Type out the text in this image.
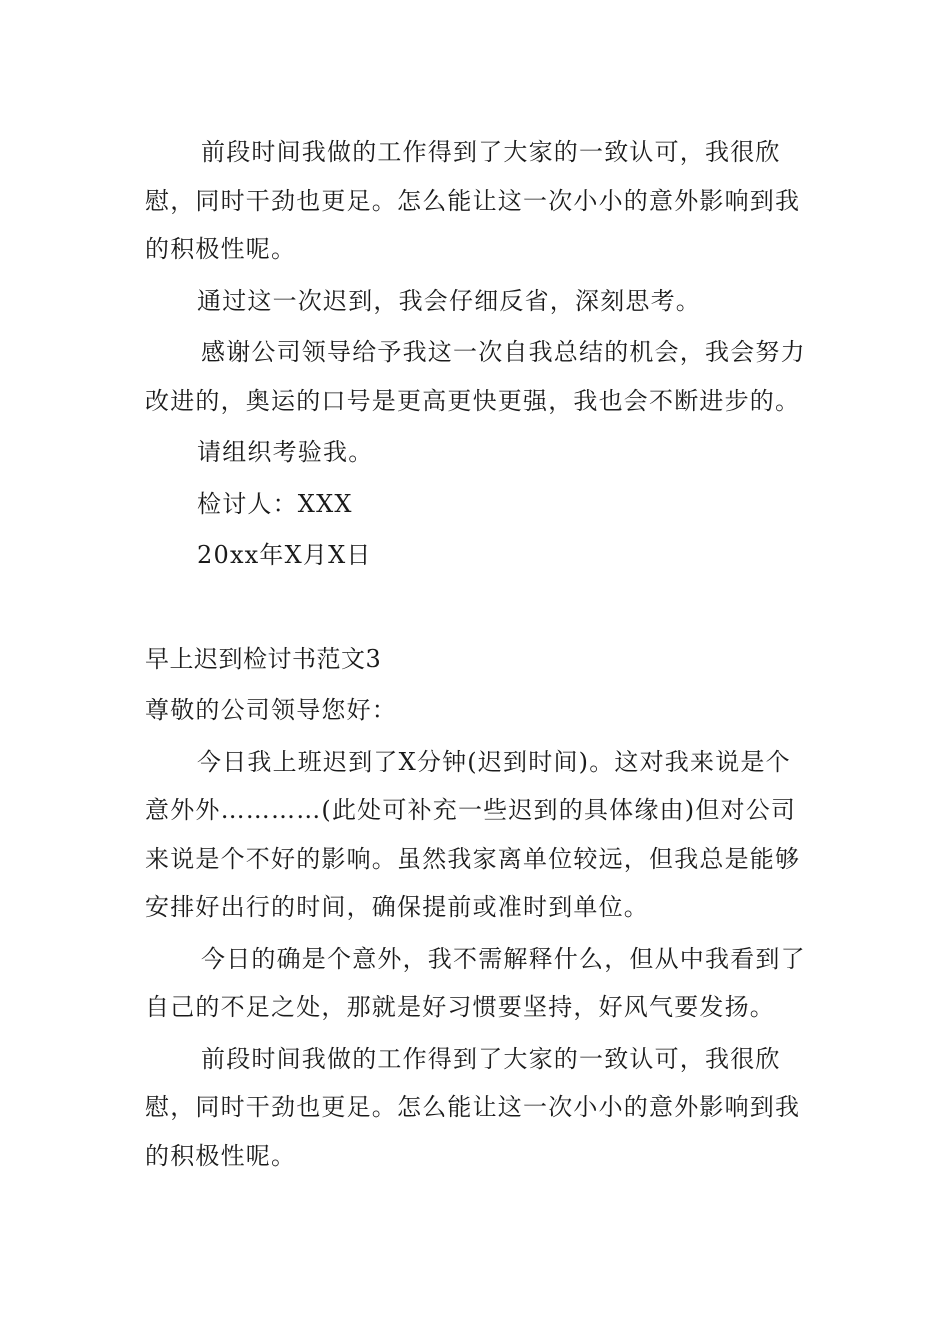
前段时间我做的工作得到了大家的一致认可，我很欣慰，同时干劲也更足。怎么能让这一次小小的意外影响到我的积极性呢。

通过这一次迟到，我会仔细反省，深刻思考。

感谢公司领导给予我这一次自我总结的机会，我会努力改进的，奥运的口号是更高更快更强，我也会不断进步的。

请组织考验我。

检讨人：XXX

20xx年X月X日

早上迟到检讨书范文3

尊敬的公司领导您好：

今日我上班迟到了X分钟(迟到时间)。这对我来说是个意外外…………(此处可补充一些迟到的具体缘由)但对公司来说是个不好的影响。虽然我家离单位较远，但我总是能够安排好出行的时间，确保提前或准时到单位。

今日的确是个意外，我不需解释什么，但从中我看到了自己的不足之处，那就是好习惯要坚持，好风气要发扬。

前段时间我做的工作得到了大家的一致认可，我很欣慰，同时干劲也更足。怎么能让这一次小小的意外影响到我的积极性呢。
